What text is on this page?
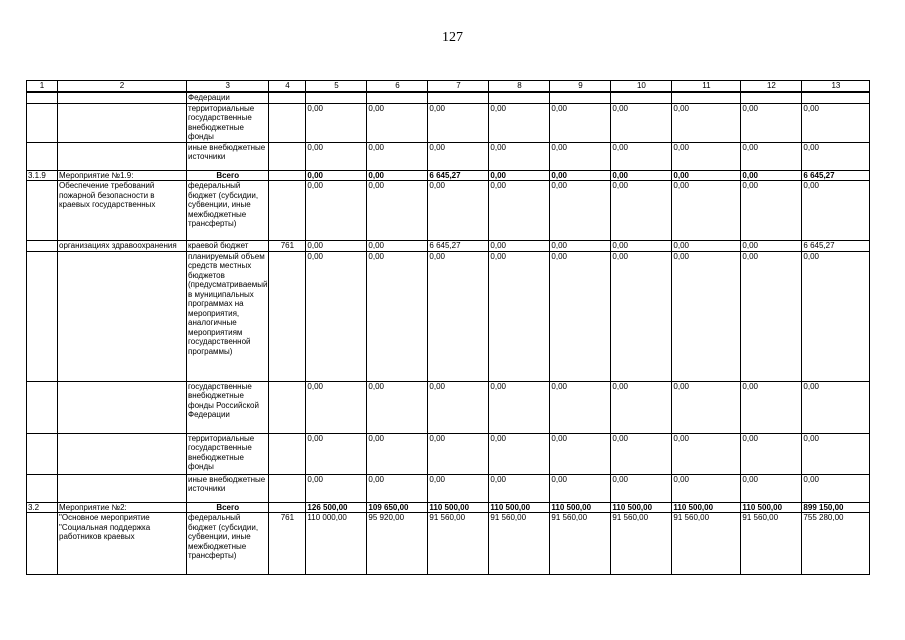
127
1	2	3	4	5	6	7	8	9	10	11	12	13
		Федерации										
		территориальные государственные внебюджетные фонды		0,00	0,00	0,00	0,00	0,00	0,00	0,00	0,00	0,00
		иные внебюджетные источники		0,00	0,00	0,00	0,00	0,00	0,00	0,00	0,00	0,00
3.1.9	Мероприятие №1.9:	Всего		0,00	0,00	6 645,27	0,00	0,00	0,00	0,00	0,00	6 645,27
	Обеспечение требований пожарной безопасности в краевых государственных	федеральный бюджет (субсидии, субвенции, иные межбюджетные трансферты)		0,00	0,00	0,00	0,00	0,00	0,00	0,00	0,00	0,00
	организациях здравоохранения	краевой бюджет	761	0,00	0,00	6 645,27	0,00	0,00	0,00	0,00	0,00	6 645,27
		планируемый объем средств местных бюджетов (предусматриваемый в муниципальных программах на мероприятия, аналогичные мероприятиям государственной программы)		0,00	0,00	0,00	0,00	0,00	0,00	0,00	0,00	0,00
		государственные внебюджетные фонды Российской Федерации		0,00	0,00	0,00	0,00	0,00	0,00	0,00	0,00	0,00
		территориальные государственные внебюджетные фонды		0,00	0,00	0,00	0,00	0,00	0,00	0,00	0,00	0,00
		иные внебюджетные источники		0,00	0,00	0,00	0,00	0,00	0,00	0,00	0,00	0,00
3.2	Мероприятие №2:	Всего		126 500,00	109 650,00	110 500,00	110 500,00	110 500,00	110 500,00	110 500,00	110 500,00	899 150,00
	"Основное мероприятие "Социальная поддержка работников краевых	федеральный бюджет (субсидии, субвенции, иные межбюджетные трансферты)	761	110 000,00	95 920,00	91 560,00	91 560,00	91 560,00	91 560,00	91 560,00	91 560,00	755 280,00
